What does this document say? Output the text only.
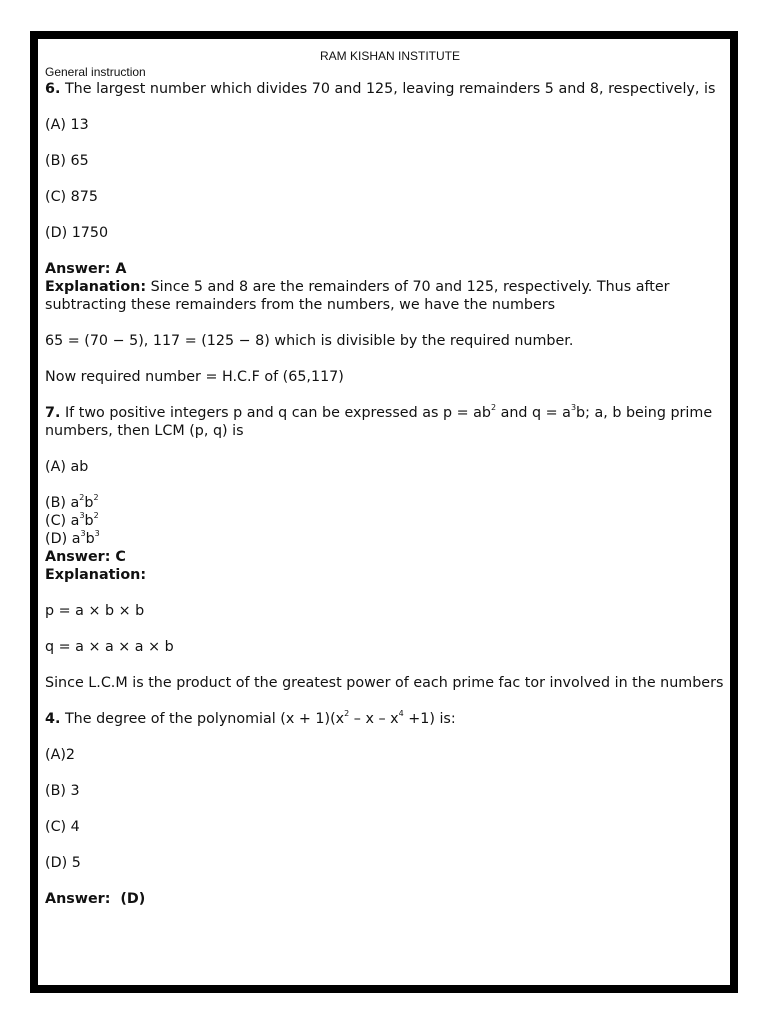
RAM KISHAN INSTITUTE
General instruction

6. The largest number which divides 70 and 125, leaving remainders 5 and 8, respectively, is

(A) 13

(B) 65

(C) 875

(D) 1750

Answer: A

Explanation: Since 5 and 8 are the remainders of 70 and 125, respectively. Thus after subtracting these remainders from the numbers, we have the numbers

65 = (70 − 5), 117 = (125 − 8) which is divisible by the required number.

Now required number = H.C.F of (65,117)

7. If two positive integers p and q can be expressed as $p = ab^2$ and $q = a^3b$; a, b being prime numbers, then LCM (p, q) is

(A) ab

(B) $a^2b^2$

(C) $a^3b^2$

(D) $a^3b^3$

Answer: C

Explanation:

p = a × b × b

q = a × a × a × b

Since L.C.M is the product of the greatest power of each prime fac tor involved in the numbers

4. The degree of the polynomial $(x + 1)(x^2 - x - x^4 +1)$ is:

(A)2

(B) 3

(C) 4

(D) 5

Answer:  (D)
